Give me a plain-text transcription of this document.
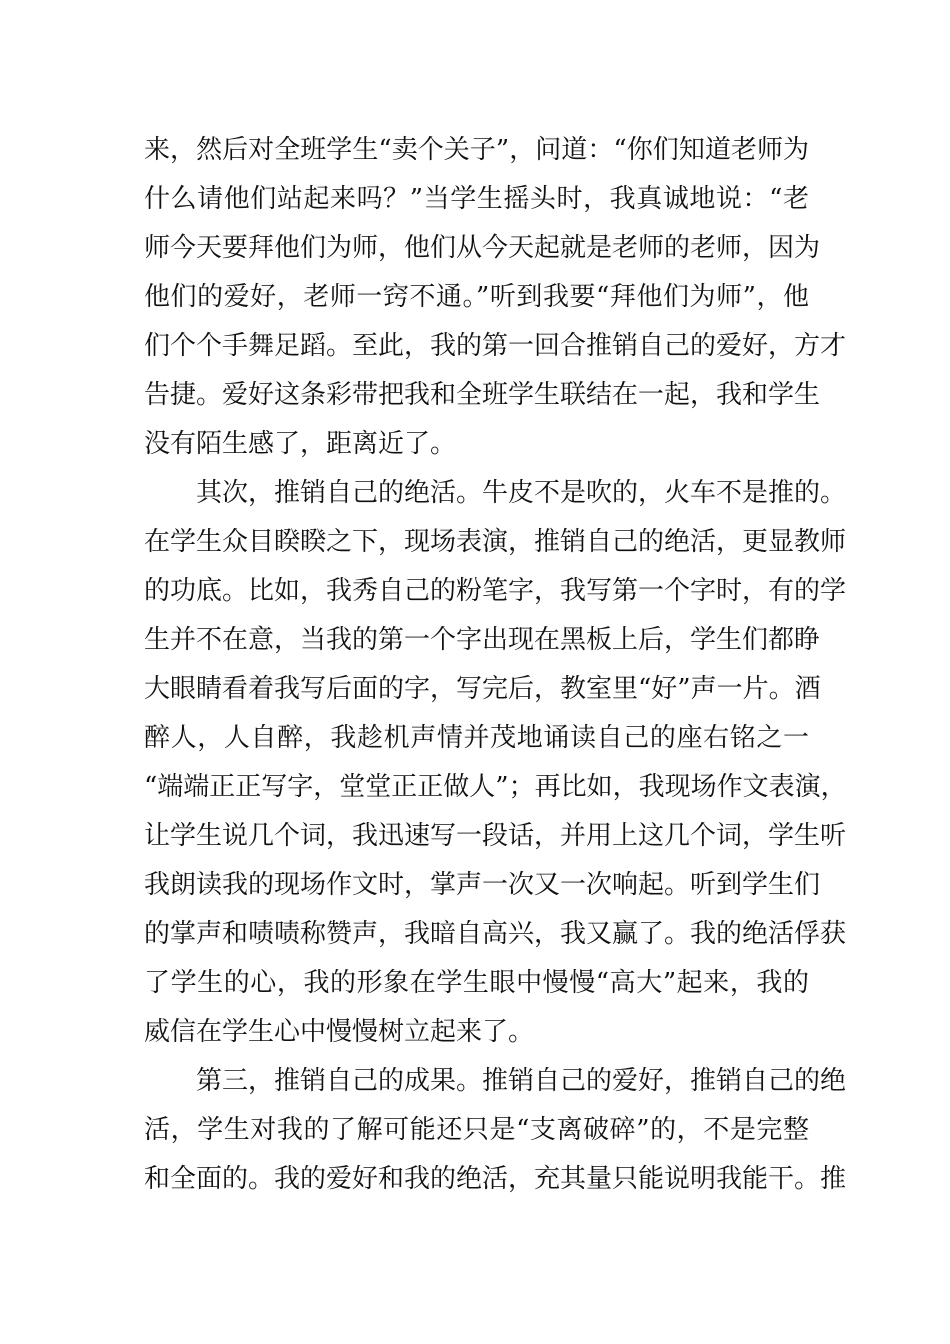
来，然后对全班学生“卖个关子”，问道：“你们知道老师为
什么请他们站起来吗？”当学生摇头时，我真诚地说：“老
师今天要拜他们为师，他们从今天起就是老师的老师，因为
他们的爱好，老师一窍不通。”听到我要“拜他们为师”，他
们个个手舞足蹈。至此，我的第一回合推销自己的爱好，方才
告捷。爱好这条彩带把我和全班学生联结在一起，我和学生
没有陌生感了，距离近了。
其次，推销自己的绝活。牛皮不是吹的，火车不是推的。
在学生众目睽睽之下，现场表演，推销自己的绝活，更显教师
的功底。比如，我秀自己的粉笔字，我写第一个字时，有的学
生并不在意，当我的第一个字出现在黑板上后，学生们都睁
大眼睛看着我写后面的字，写完后，教室里“好”声一片。酒
醉人，人自醉，我趁机声情并茂地诵读自己的座右铭之一
“端端正正写字，堂堂正正做人”；再比如，我现场作文表演，
让学生说几个词，我迅速写一段话，并用上这几个词，学生听
我朗读我的现场作文时，掌声一次又一次响起。听到学生们
的掌声和啧啧称赞声，我暗自高兴，我又赢了。我的绝活俘获
了学生的心，我的形象在学生眼中慢慢“高大”起来，我的
威信在学生心中慢慢树立起来了。
第三，推销自己的成果。推销自己的爱好，推销自己的绝
活，学生对我的了解可能还只是“支离破碎”的，不是完整
和全面的。我的爱好和我的绝活，充其量只能说明我能干。推
